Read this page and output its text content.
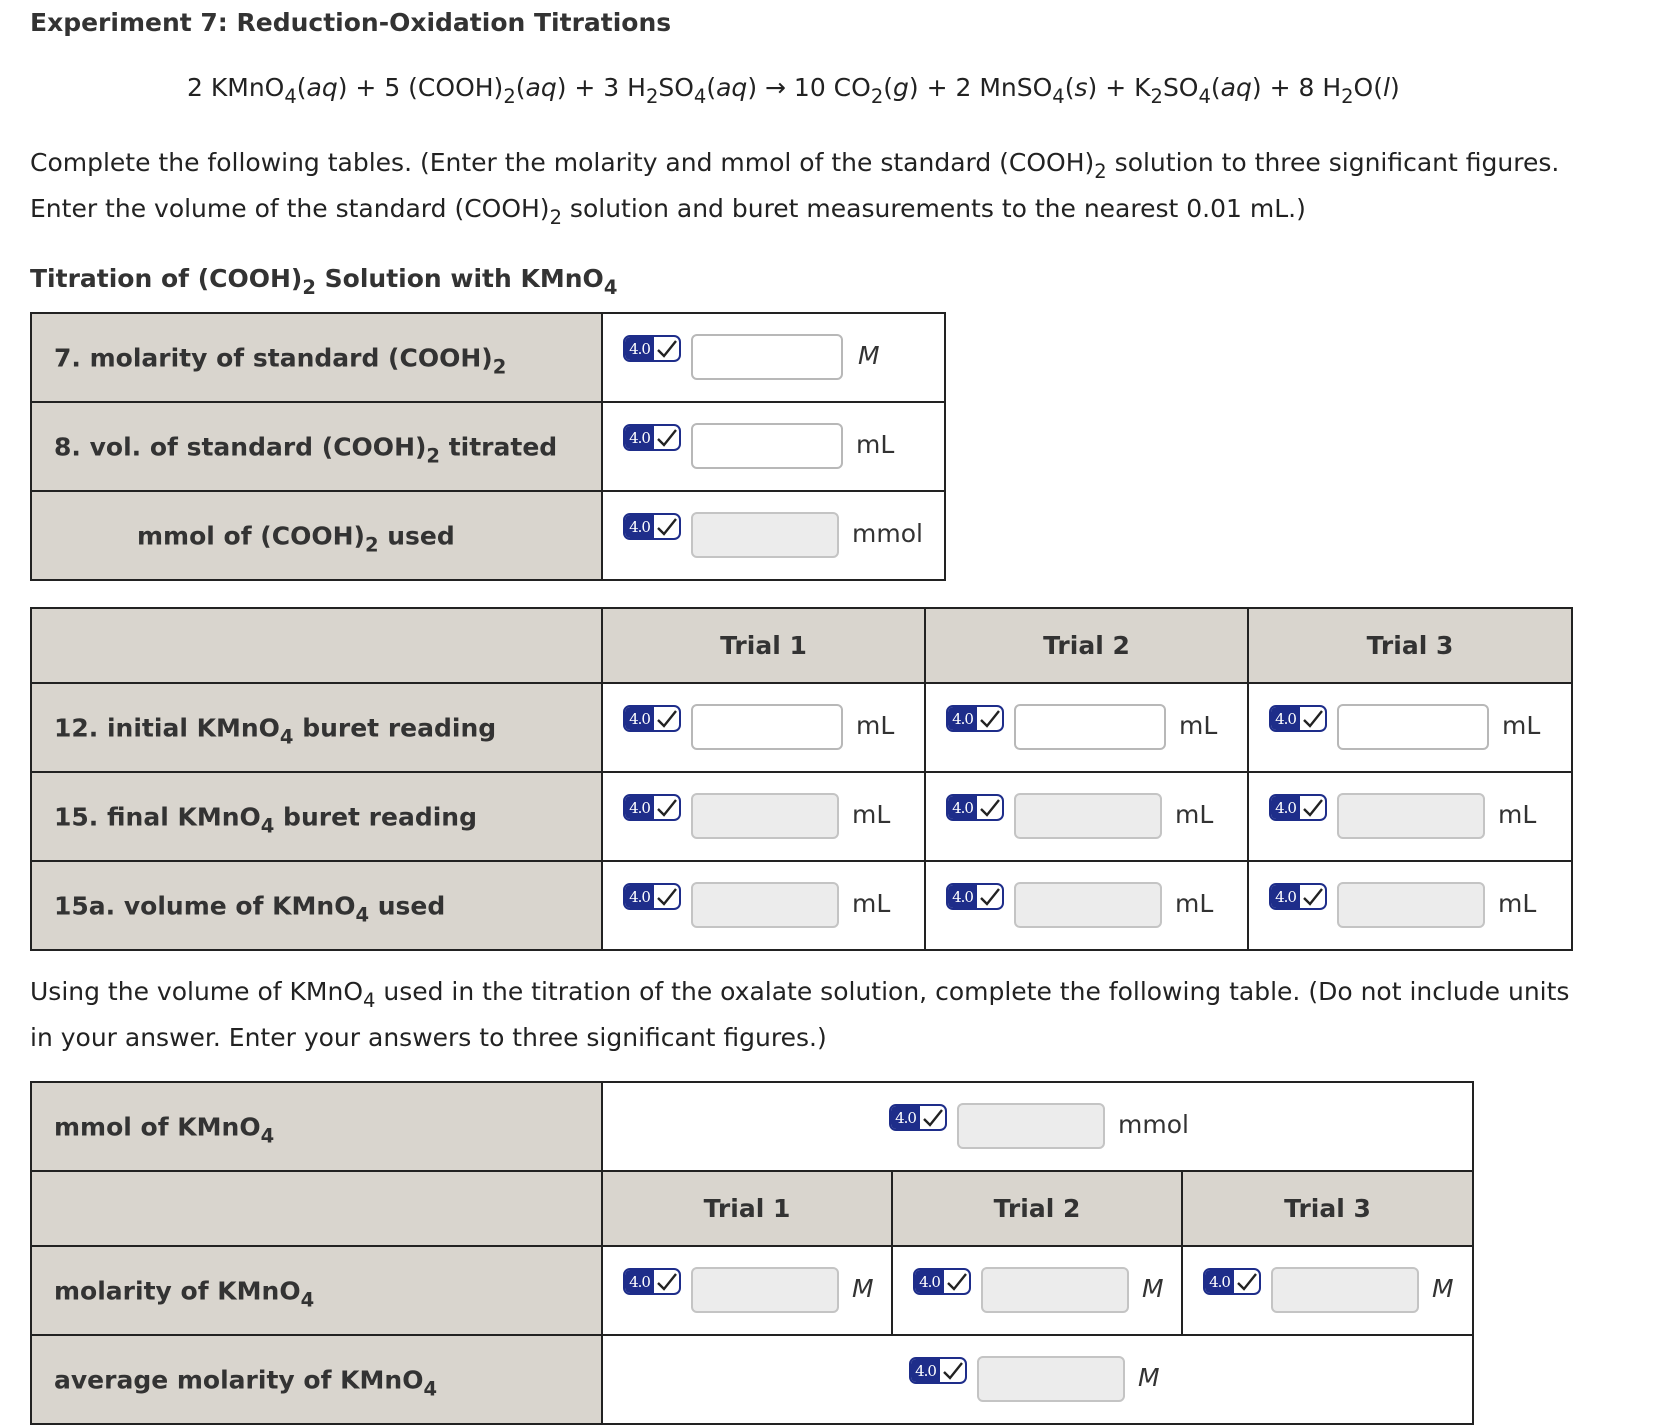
Experiment 7: Reduction-Oxidation Titrations
2 KMnO$_4$(aq) + 5 $(COOH)_2(aq) + 3$ $H_2SO_4(aq) \to 10$ $CO_2(g) + 2$ MnSO$_4$(s) + $K_2SO_4(aq) + 8$ $H_2O(l)$
Complete the following tables. (Enter the molarity and mmol of the standard $(COOH)_2$ solution to three significant figures.
Enter the volume of the standard $(COOH)_2$ solution and buret measurements to the nearest 0.01 mL.)
Titration of $(COOH)_2$ Solution with KMnO$_4$
7. molarity of standard $(COOH)_2$	4.0 M

8. vol. of standard $(COOH)_2$ titrated	4.0 mL

mmol of $(COOH)_2$ used	4.0 mmol
	Trial 1	Trial 2	Trial 3

12. initial KMnO$_4$ buret reading	4.0 mL	4.0 mL	4.0 mL

15. final KMnO$_4$ buret reading	4.0 mL	4.0 mL	4.0 mL

15a. volume of KMnO$_4$ used	4.0 mL	4.0 mL	4.0 mL
Using the volume of KMnO$_4$ used in the titration of the oxalate solution, complete the following table. (Do not include units
in your answer. Enter your answers to three significant figures.)
mmol of KMnO$_4$	4.0 mmol		

	Trial 1	Trial 2	Trial 3

molarity of KMnO$_4$	4.0 M	4.0 M	4.0 M

average molarity of KMnO$_4$	4.0 M		
